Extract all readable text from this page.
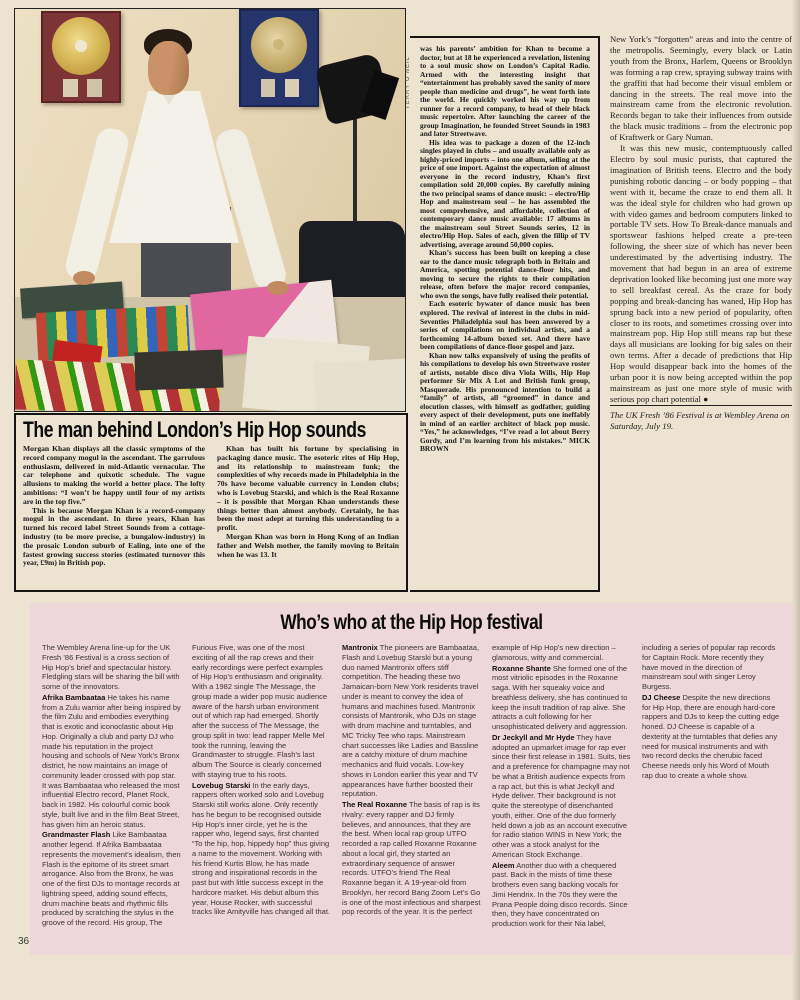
TERRY O'NEIL
The man behind London’s Hip Hop sounds

Morgan Khan displays all the classic symptoms of the record company mogul in the ascendant. The garrulous enthusiasm, delivered in mid-Atlantic vernacular. The car telephone and quixotic schedule. The vague allusions to making the world a better place. The lofty ambitions: “I won’t be happy until four of my artists are in the top five.”

This is because Morgan Khan is a record-company mogul in the ascendant. In three years, Khan has turned his record label Street Sounds from a cottage-industry (to be more precise, a bungalow-industry) in the prosaic London suburb of Ealing, into one of the fastest growing success stories (estimated turnover this year, £9m) in British pop.

Khan has built his fortune by specialising in packaging dance music. The esoteric rites of Hip Hop, and its relationship to mainstream funk; the complexities of why records made in Philadelphia in the 70s have become valuable currency in London clubs; who is Lovebug Starski, and which is the Real Roxanne – it is possible that Morgan Khan understands these things better than almost anybody. Certainly, he has been the most adept at turning this understanding to a profit.

Morgan Khan was born in Hong Kong of an Indian father and Welsh mother, the family moving to Britain when he was 13. It

was his parents’ ambition for Khan to become a doctor, but at 18 he experienced a revelation, listening to a soul music show on London’s Capital Radio. Armed with the interesting insight that “entertainment has probably saved the sanity of more people than medicine and drugs”, he went forth into the world. He quickly worked his way up from runner for a record company, to head of their black music repertoire. After launching the career of the group Imagination, he founded Street Sounds in 1983 and later Streetwave.

His idea was to package a dozen of the 12-inch singles played in clubs – and usually available only as highly-priced imports – into one album, selling at the price of one import. Against the expectation of almost everyone in the record industry, Khan’s first compilation sold 20,000 copies. By carefully mining the two principal seams of dance music: – electro/Hip Hop and mainstream soul – he has assembled the most comprehensive, and affordable, collection of contemporary dance music available: 17 albums in the mainstream soul Street Sounds series, 12 in electro/Hip Hop. Sales of each, given the fillip of TV advertising, average around 50,000 copies.

Khan’s success has been built on keeping a close ear to the dance music telegraph both in Britain and America, spotting potential dance-floor hits, and moving to secure the rights to their compilation release, often before the major record companies, who own the songs, have fully realised their potential.

Each esoteric bywater of dance music has been explored. The revival of interest in the clubs in mid-Seventies Philadelphia soul has been answered by a series of compilations on individual artists, and a forthcoming 14-album boxed set. And there have been compilations of dance-floor gospel and jazz.

Khan now talks expansively of using the profits of his compilations to develop his own Streetwave roster of artists, notable disco diva Viola Wills, Hip Hop performer Sir Mix A Lot and British funk group, Masquerade. His pronounced intention to build a “family” of artists, all “groomed” in dance and elocution classes, with himself as godfather, guiding every aspect of their development, puts one ineffably in mind of an earlier architect of black pop music. “Yes,” he acknowledges, “I’ve read a lot about Berry Gordy, and I’m learning from his mistakes.” MICK BROWN

New York’s “forgotten” areas and into the centre of the metropolis. Seemingly, every black or Latin youth from the Bronx, Harlem, Queens or Brooklyn was forming a rap crew, spraying subway trains with the graffiti that had become their visual emblem or dancing in the streets. The real move into the mainstream came from the electronic revolution. Records began to take their influences from outside the black music traditions – from the electronic pop of Kraftwerk or Gary Numan.

It was this new music, contemptuously called Electro by soul music purists, that captured the imagination of British teens. Electro and the body punishing robotic dancing – or body popping – that went with it, became the craze to end them all. It was the ideal style for children who had grown up with video games and bedroom computers linked to portable TV sets. How To Break-dance manuals and sportswear fashions helped create a pre-teen following, the sheer size of which has never been underestimated by the advertising industry. The movement that had begun in an area of extreme deprivation looked like becoming just one more way to sell breakfast cereal. As the craze for body popping and break-dancing has waned, Hip Hop has sprung back into a new period of popularity, often closer to its roots, and sometimes crossing over into mainstream pop. Hip Hop still means rap but these days all musicians are looking for big sales on their own terms. After a decade of predictions that Hip Hop would disappear back into the homes of the urban poor it is now being accepted within the pop mainstream as just one more style of music with serious pop chart potential ●

The UK Fresh ’86 Festival is at Wembley Arena on Saturday, July 19.

Who’s who at the Hip Hop festival

The Wembley Arena line-up for the UK Fresh ’86 Festival is a cross section of Hip Hop’s brief and spectacular history. Fledgling stars will be sharing the bill with some of the innovators.

Afrika Bambaataa He takes his name from a Zulu warrior after being inspired by the film Zulu and embodies everything that is exotic and iconoclastic about Hip Hop. Originally a club and party DJ who made his reputation in the project housing and schools of New York’s Bronx district, he now maintains an image of community leader crossed with pop star. It was Bambaataa who released the most influential Electro record, Planet Rock, back in 1982. His colourful comic book style, built live and in the film Beat Street, has given him an heroic status.

Grandmaster Flash Like Bambaataa another legend. If Afrika Bambaataa represents the movement’s idealism, then Flash is the epitome of its street smart arrogance. Also from the Bronx, he was one of the first DJs to montage records at lightning speed, adding sound effects, drum machine beats and rhythmic fills produced by scratching the stylus in the groove of the record. His group, The Furious Five, was one of the most exciting of all the rap crews and their early recordings were perfect examples of Hip Hop’s enthusiasm and originality. With a 1982 single The Message, the group made a wider pop music audience aware of the harsh urban environment out of which rap had emerged. Shortly after the success of The Message, the group split in two: lead rapper Melle Mel took the running, leaving the Grandmaster to struggle. Flash’s last album The Source is clearly concerned with staying true to his roots.

Lovebug Starski In the early days, rappers often worked solo and Lovebug Starski still works alone. Only recently has he begun to be recognised outside Hip Hop’s inner circle, yet he is the rapper who, legend says, first chanted “To the hip, hop, hippedy hop” thus giving a name to the movement. Working with his friend Kurtis Blow, he has made strong and inspirational records in the past but with little success except in the hardcore market. His debut album this year, House Rocker, with successful tracks like Amityville has changed all that.

Mantronix The pioneers are Bambaataa, Flash and Lovebug Starski but a young duo named Mantronix offers stiff competition. The heading these two Jamaican-born New York residents travel under is meant to convey the idea of humans and machines fused. Mantronix consists of Mantronik, who DJs on stage with drum machine and turntables, and MC Tricky Tee who raps. Mainstream chart successes like Ladies and Bassline are a catchy mixture of drum machine mechanics and fluid vocals. Low-key shows in London earlier this year and TV appearances have further boosted their reputation.

The Real Roxanne The basis of rap is its rivalry: every rapper and DJ firmly believes, and announces, that they are the best. When local rap group UTFO recorded a rap called Roxanne Roxanne about a local girl, they started an extraordinary sequence of answer records. UTFO’s friend The Real Roxanne began it. A 19-year-old from Brooklyn, her record Bang Zoom Let’s Go is one of the most infectious and sharpest pop records of the year. It is the perfect example of Hip Hop’s new direction – glamorous, witty and commercial.

Roxanne Shante She formed one of the most vitriolic episodes in the Roxanne saga. With her squeaky voice and breathless delivery, she has continued to keep the insult tradition of rap alive. She attracts a cult following for her unsophisticated delivery and aggression.

Dr Jeckyll and Mr Hyde They have adopted an upmarket image for rap ever since their first release in 1981. Suits, ties and a preference for champagne may not be what a British audience expects from a rap act, but this is what Jeckyll and Hyde deliver. Their background is not quite the stereotype of disenchanted youth, either. One of the duo formerly held down a job as an account executive for radio station WINS in New York; the other was a stock analyst for the American Stock Exchange.

Aleem Another duo with a chequered past. Back in the mists of time these brothers even sang backing vocals for Jimi Hendrix. In the 70s they were the Prana People doing disco records. Since then, they have concentrated on production work for their Nia label, including a series of popular rap records for Captain Rock. More recently they have moved in the direction of mainstream soul with singer Leroy Burgess.

DJ Cheese Despite the new directions for Hip Hop, there are enough hard-core rappers and DJs to keep the cutting edge honed. DJ Cheese is capable of a dexterity at the turntables that defies any need for musical instruments and with two record decks the cherubic faced Cheese needs only his Word of Mouth rap duo to create a whole show.

36
